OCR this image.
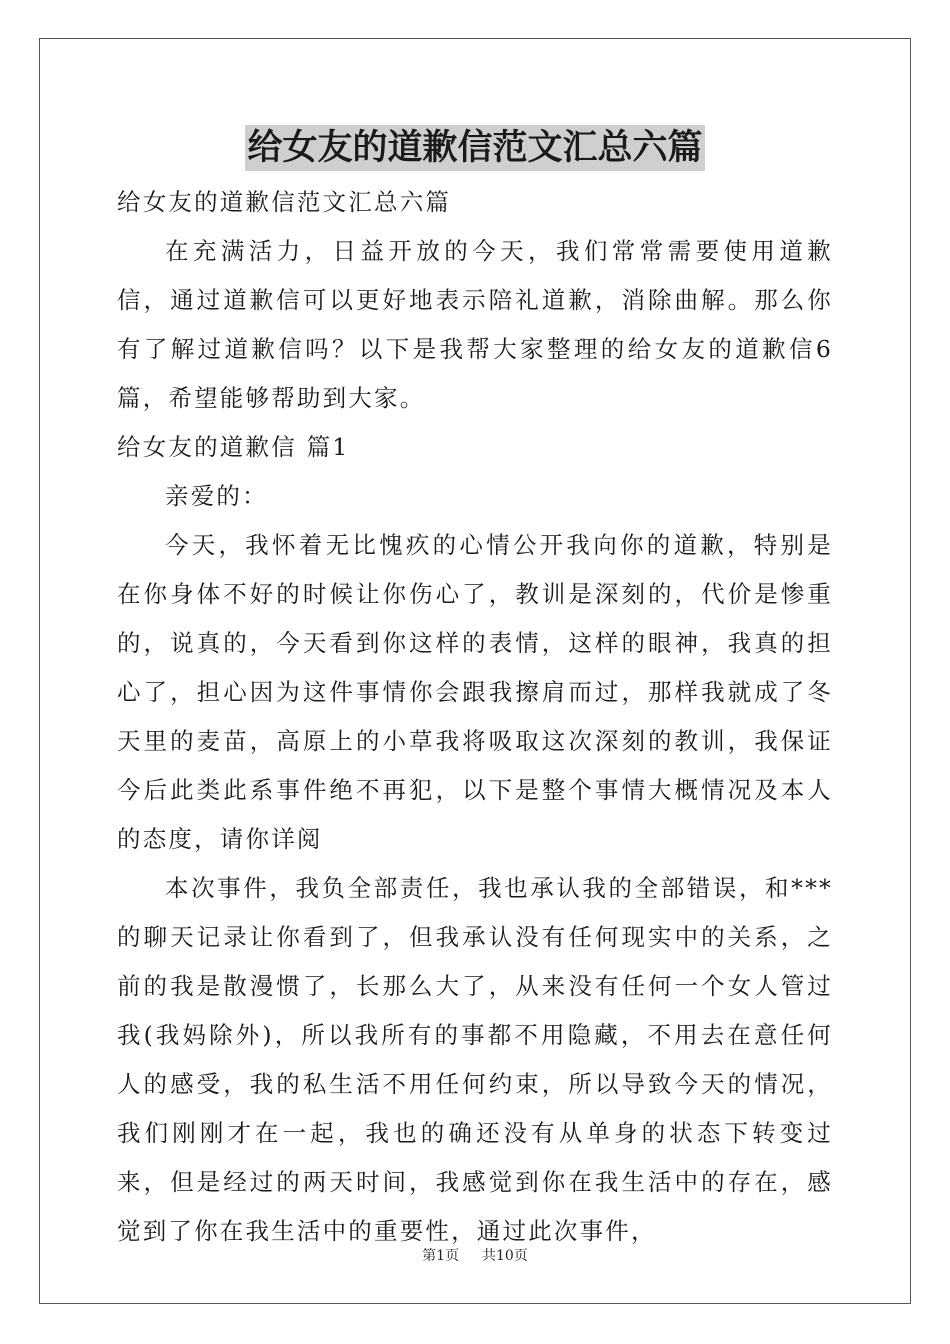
给女友的道歉信范文汇总六篇

给女友的道歉信范文汇总六篇

在充满活力，日益开放的今天，我们常常需要使用道歉信，通过道歉信可以更好地表示陪礼道歉，消除曲解。那么你有了解过道歉信吗？以下是我帮大家整理的给女友的道歉信6篇，希望能够帮助到大家。

给女友的道歉信 篇1

亲爱的：

今天，我怀着无比愧疚的心情公开我向你的道歉，特别是在你身体不好的时候让你伤心了，教训是深刻的，代价是惨重的，说真的，今天看到你这样的表情，这样的眼神，我真的担心了，担心因为这件事情你会跟我擦肩而过，那样我就成了冬天里的麦苗，高原上的小草我将吸取这次深刻的教训，我保证今后此类此系事件绝不再犯，以下是整个事情大概情况及本人的态度，请你详阅

本次事件，我负全部责任，我也承认我的全部错误，和***的聊天记录让你看到了，但我承认没有任何现实中的关系，之前的我是散漫惯了，长那么大了，从来没有任何一个女人管过我(我妈除外)，所以我所有的事都不用隐藏，不用去在意任何人的感受，我的私生活不用任何约束，所以导致今天的情况，我们刚刚才在一起，我也的确还没有从单身的状态下转变过来，但是经过的两天时间，我感觉到你在我生活中的存在，感觉到了你在我生活中的重要性，通过此次事件，

第1页 共10页
